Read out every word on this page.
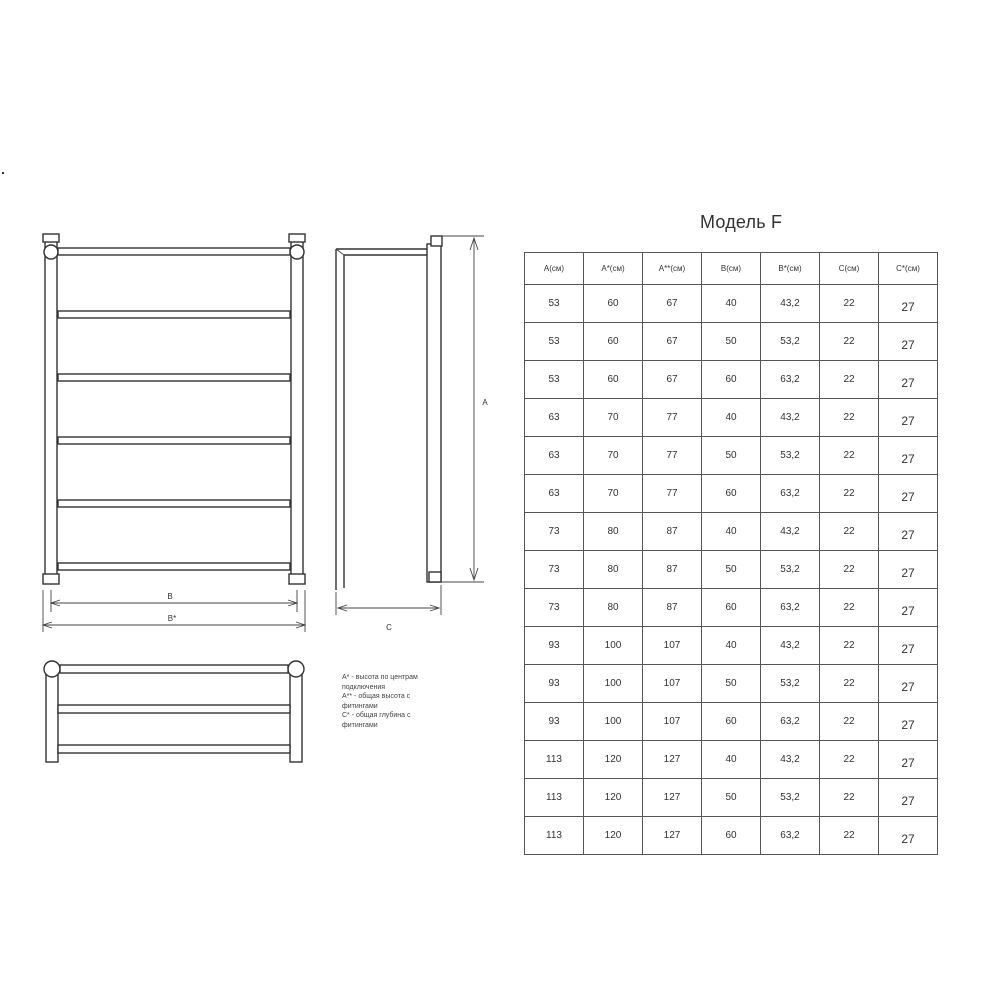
B
B*
A
C
Модель F
A* - высота по центрам
подключения
A** - общая высота с
фитингами
C* - общая глубина с
фитингами
A(см)	A*(см)	A**(см)	B(см)	B*(см)	C(см)	C*(см)
53	60	67	40	43,2	22	27
53	60	67	50	53,2	22	27
53	60	67	60	63,2	22	27
63	70	77	40	43,2	22	27
63	70	77	50	53,2	22	27
63	70	77	60	63,2	22	27
73	80	87	40	43,2	22	27
73	80	87	50	53,2	22	27
73	80	87	60	63,2	22	27
93	100	107	40	43,2	22	27
93	100	107	50	53,2	22	27
93	100	107	60	63,2	22	27
113	120	127	40	43,2	22	27
113	120	127	50	53,2	22	27
113	120	127	60	63,2	22	27
